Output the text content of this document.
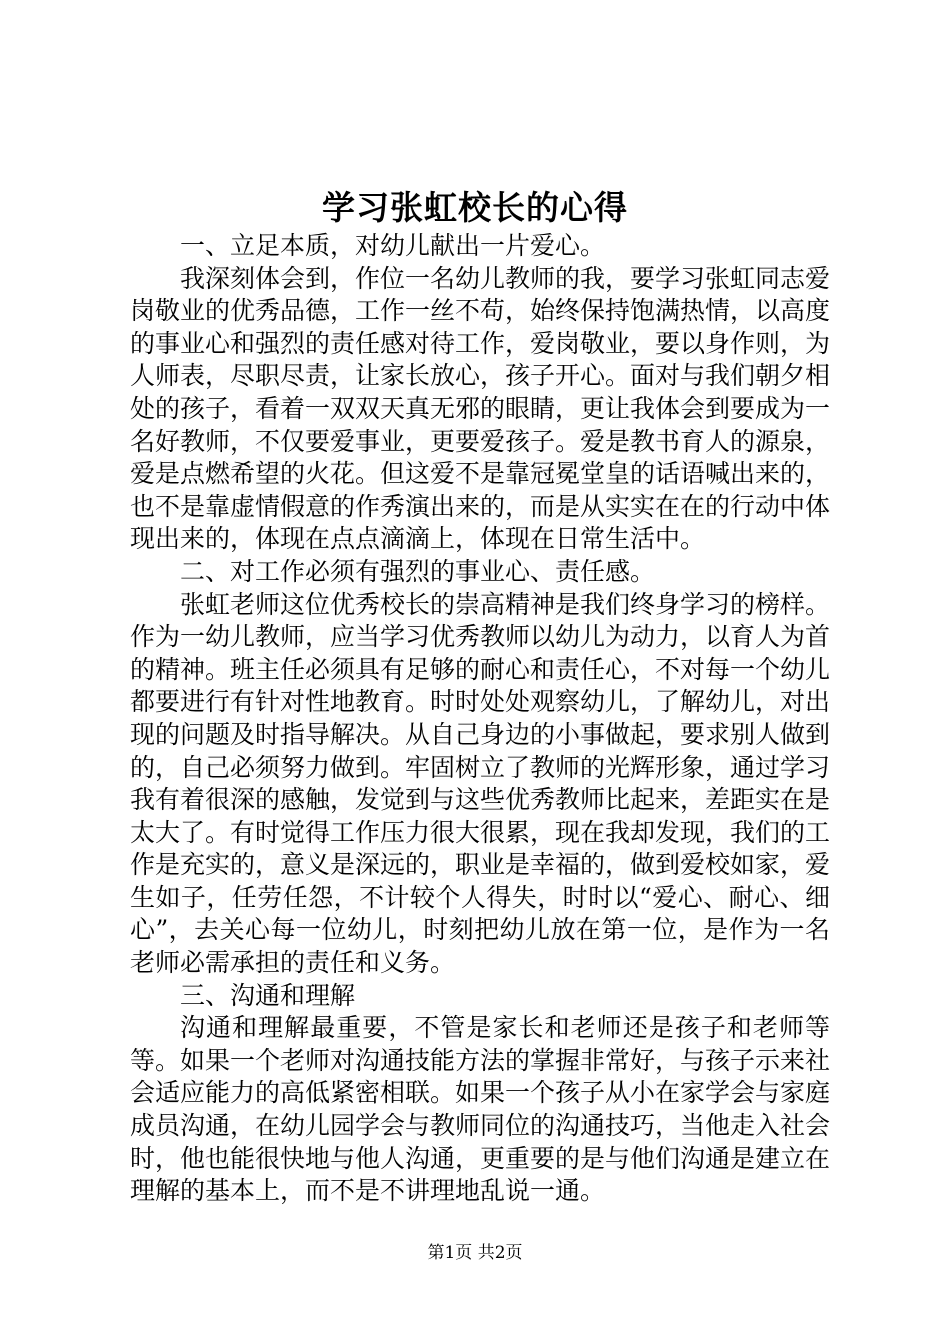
学习张虹校长的心得

一、立足本质，对幼儿献出一片爱心。

我深刻体会到，作位一名幼儿教师的我，要学习张虹同志爱岗敬业的优秀品德，工作一丝不苟，始终保持饱满热情，以高度的事业心和强烈的责任感对待工作，爱岗敬业，要以身作则，为人师表，尽职尽责，让家长放心，孩子开心。面对与我们朝夕相处的孩子，看着一双双天真无邪的眼睛，更让我体会到要成为一名好教师，不仅要爱事业，更要爱孩子。爱是教书育人的源泉，爱是点燃希望的火花。但这爱不是靠冠冕堂皇的话语喊出来的，也不是靠虚情假意的作秀演出来的，而是从实实在在的行动中体现出来的，体现在点点滴滴上，体现在日常生活中。

二、对工作必须有强烈的事业心、责任感。

张虹老师这位优秀校长的崇高精神是我们终身学习的榜样。作为一幼儿教师，应当学习优秀教师以幼儿为动力，以育人为首的精神。班主任必须具有足够的耐心和责任心，不对每一个幼儿都要进行有针对性地教育。时时处处观察幼儿，了解幼儿，对出现的问题及时指导解决。从自己身边的小事做起，要求别人做到的，自己必须努力做到。牢固树立了教师的光辉形象，通过学习我有着很深的感触，发觉到与这些优秀教师比起来，差距实在是太大了。有时觉得工作压力很大很累，现在我却发现，我们的工作是充实的，意义是深远的，职业是幸福的，做到爱校如家，爱生如子，任劳任怨，不计较个人得失，时时以“爱心、耐心、细心”，去关心每一位幼儿，时刻把幼儿放在第一位，是作为一名老师必需承担的责任和义务。

三、沟通和理解

沟通和理解最重要，不管是家长和老师还是孩子和老师等等。如果一个老师对沟通技能方法的掌握非常好，与孩子示来社会适应能力的高低紧密相联。如果一个孩子从小在家学会与家庭成员沟通，在幼儿园学会与教师同位的沟通技巧，当他走入社会时，他也能很快地与他人沟通，更重要的是与他们沟通是建立在理解的基本上，而不是不讲理地乱说一通。

第1页 共2页
